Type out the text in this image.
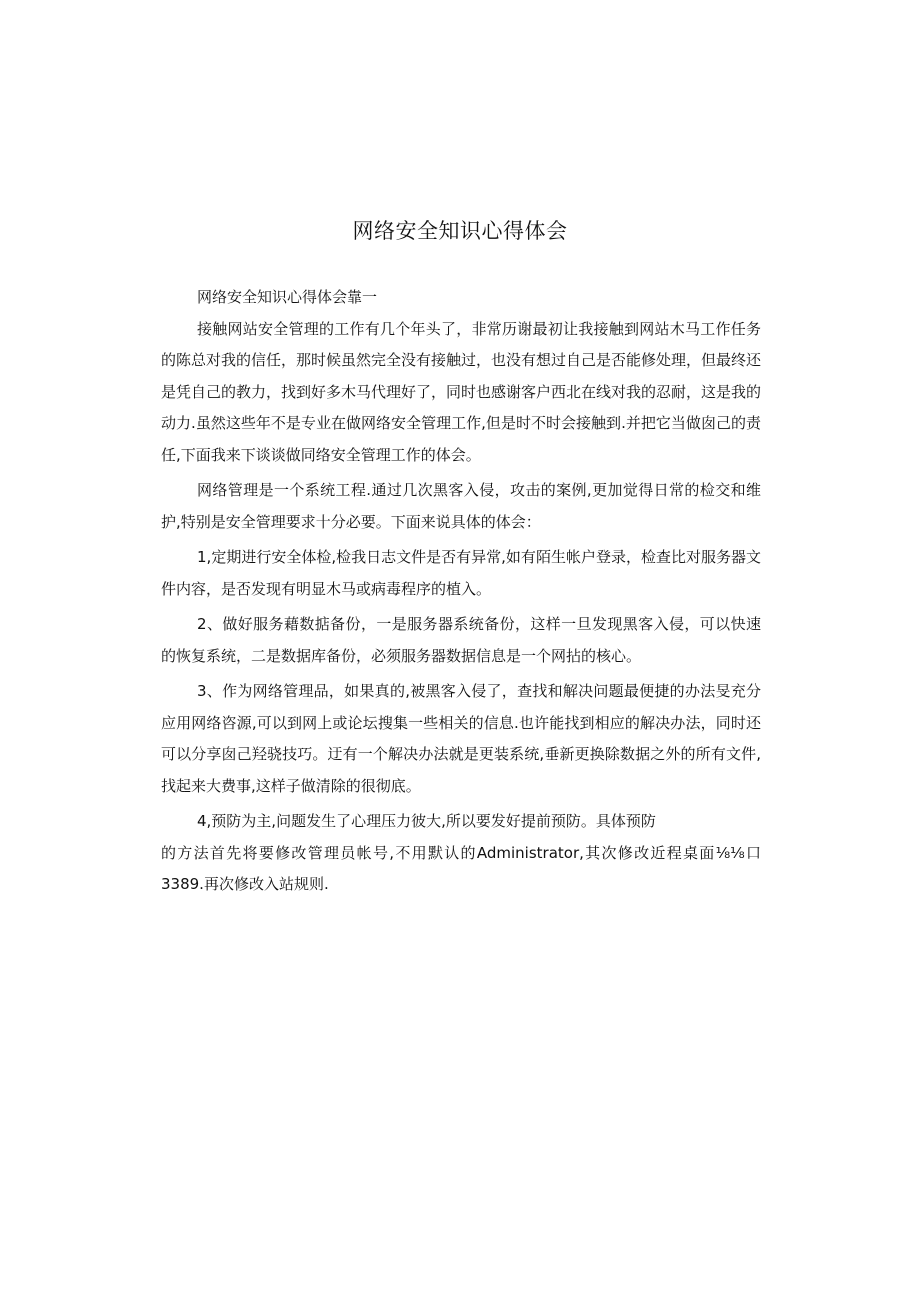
网络安全知识心得体会

网络安全知识心得体会靠一

接触网站安全管理的工作有几个年头了，非常历谢最初让我接触到网站木马工作任务的陈总对我的信任，那时候虽然完全没有接触过，也没有想过自己是否能修处理，但最终还是凭自己的教力，找到好多木马代理好了，同时也感谢客户西北在线对我的忍耐，这是我的动力.虽然这些年不是专业在做网络安全管理工作,但是时不时会接触到.并把它当做囱己的责任,下面我来下谈谈做同络安全管理工作的体会。

网络管理是一个系统工程.通过几次黑客入侵，攻击的案例,更加觉得日常的检交和维护,特别是安全管理要求十分必要。下面来说具体的体会：

1,定期进行安全体检,检我日志文件是否有异常,如有陌生帐户登录，检查比对服务器文件内容，是否发现有明显木马或病毒程序的植入。

2、做好服务藉数掂备份，一是服务器系统备份，这样一旦发现黑客入侵，可以快速的恢复系统，二是数据库备份，必须服务器数据信息是一个网拈的核心。

3、作为网络管理品，如果真的,被黑客入侵了，查找和解决问题最便捷的办法旻充分应用网络咨源,可以到网上或论坛搜集一些相关的信息.也许能找到相应的解决办法，同时还可以分享囱己羟骁技巧。迂有一个解决办法就是更装系统,垂新更换除数据之外的所有文件,找起来大费事,这样子做清除的很彻底。

4,预防为主,问题发生了心理压力彼大,所以要发好提前预防。具体预防

的方法首先将要修改管理员帐号,不用默认的Administrator,其次修改近程桌面⅛⅛口3389.再次修改入站规则.
